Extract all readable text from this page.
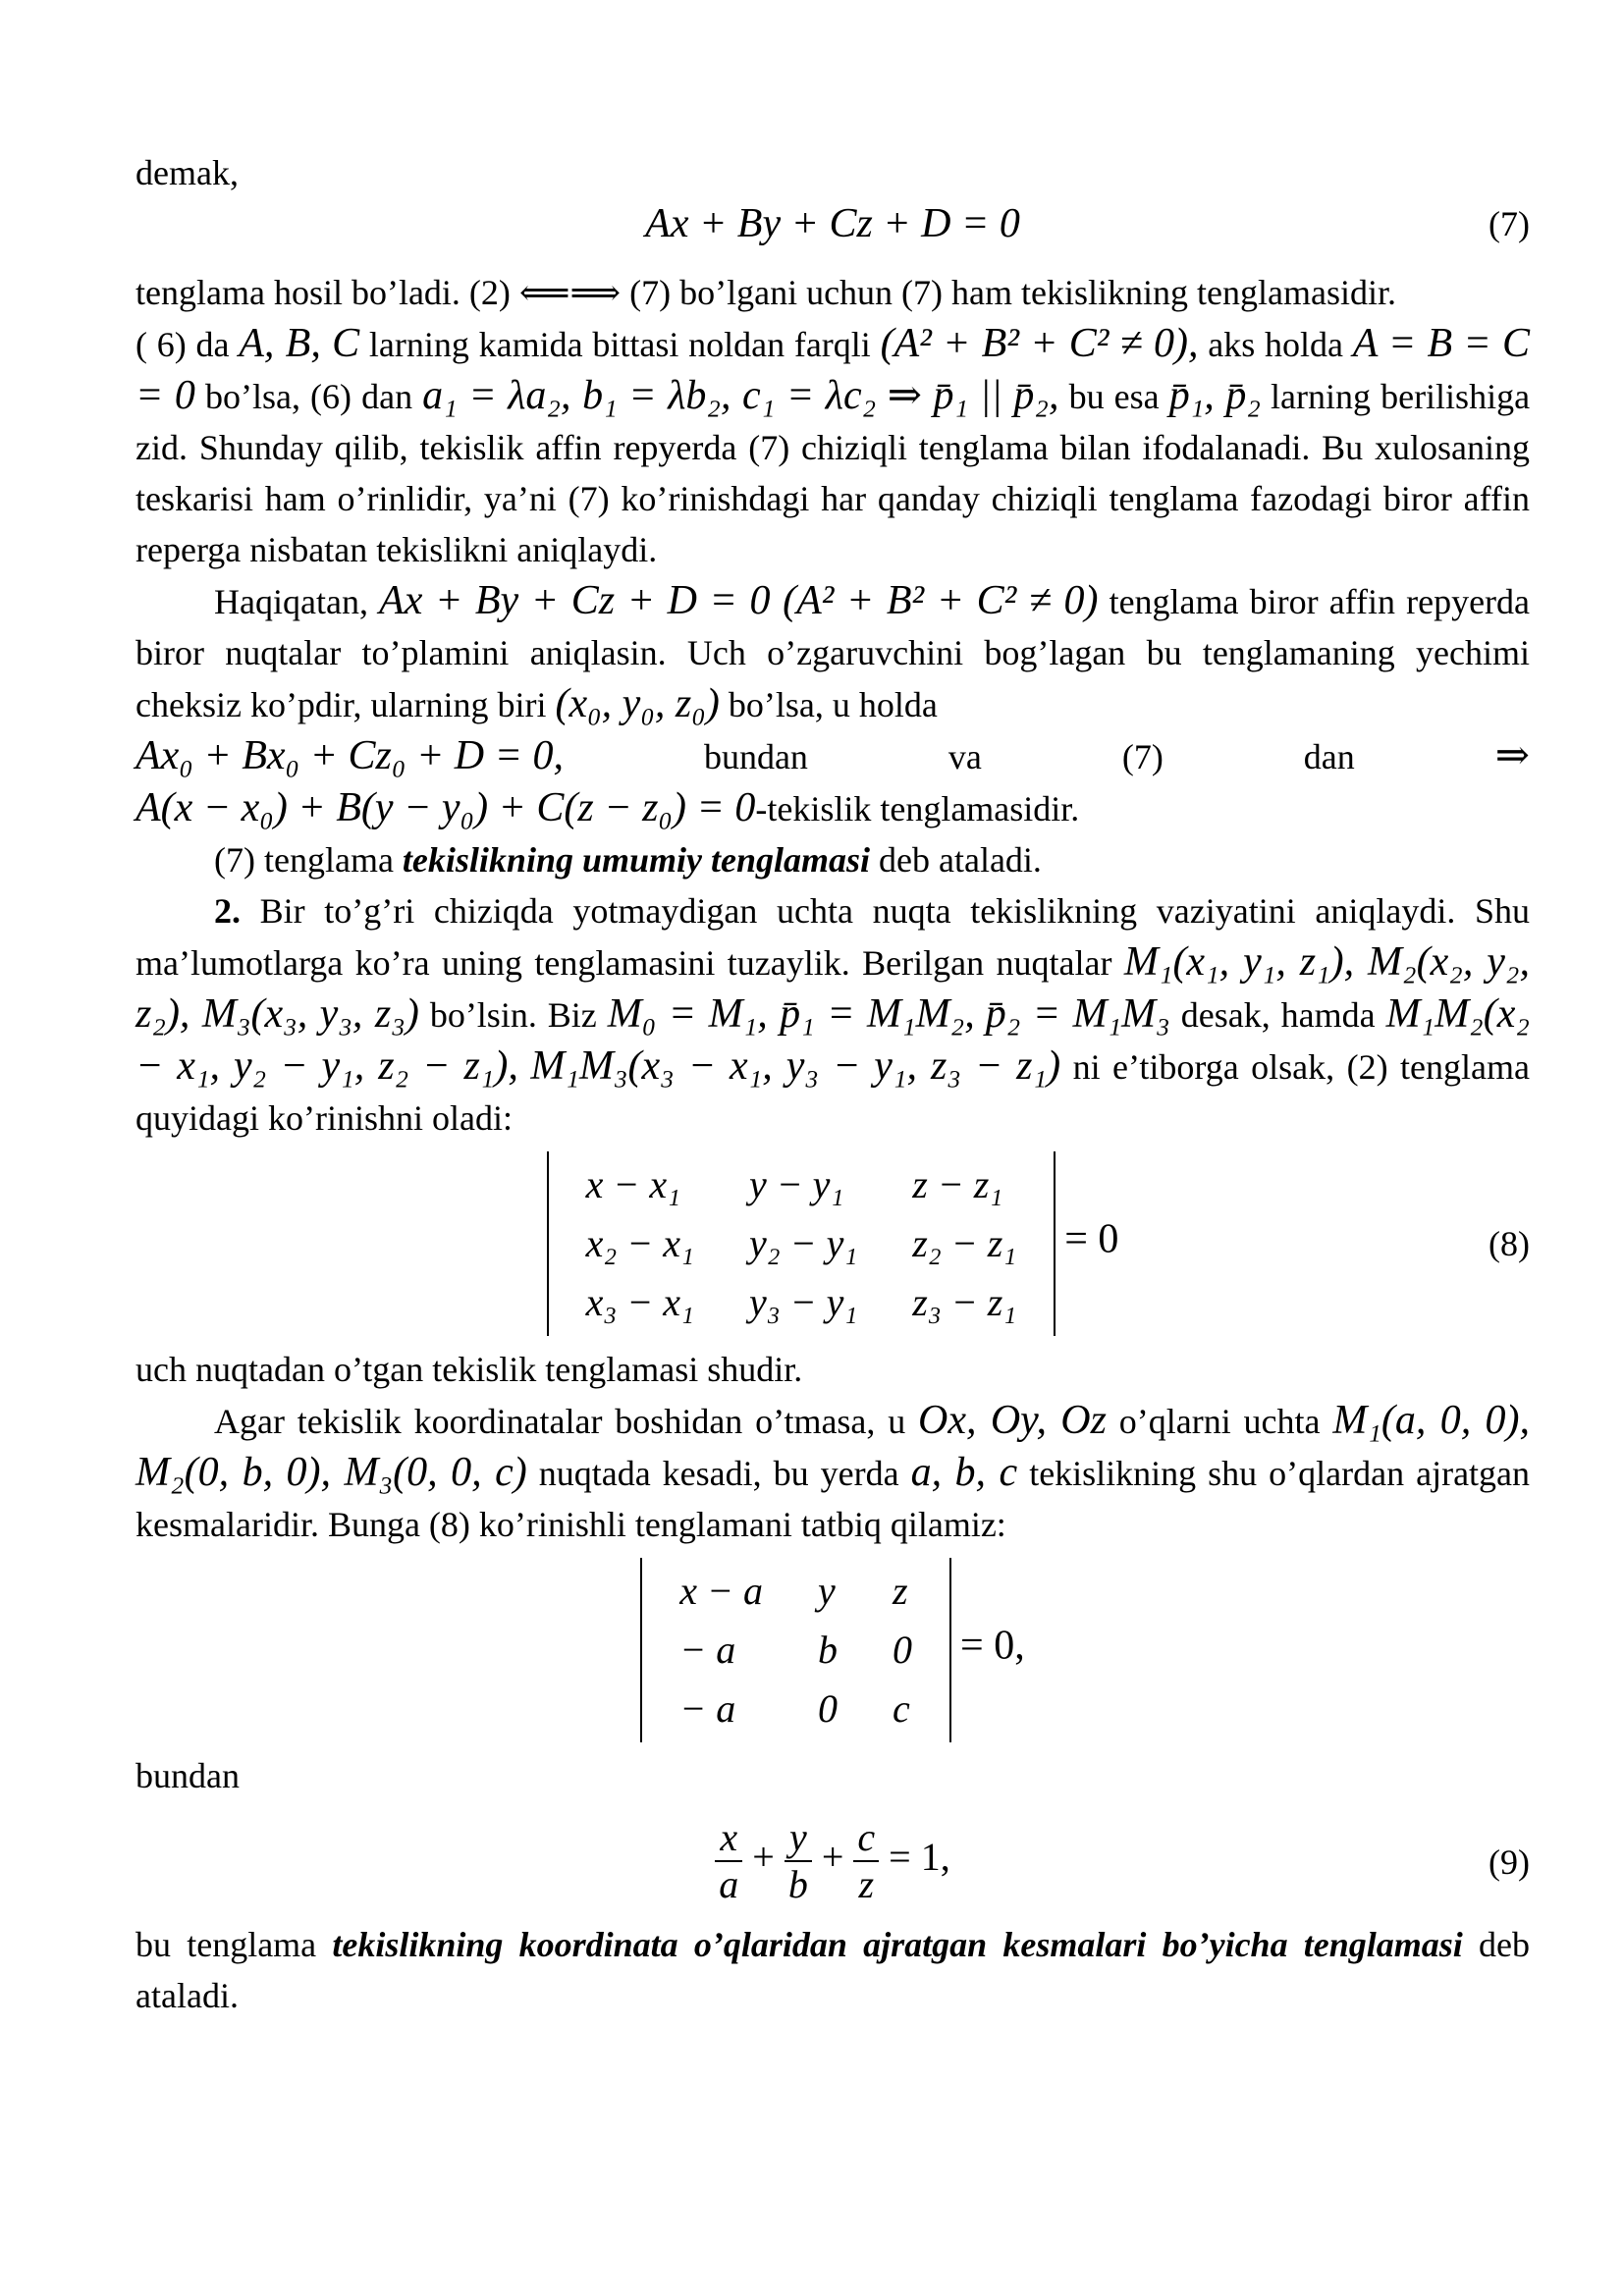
demak,

Ax + By + Cz + D = 0	(7)

tenglama hosil bo’ladi. (2) ⟸⟹ (7) bo’lgani uchun (7) ham tekislikning tenglamasidir.

( 6) da A, B, C larning kamida bittasi noldan farqli (A² + B² + C² ≠ 0), aks holda A = B = C = 0 bo’lsa, (6) dan a₁ = λa₂, b₁ = λb₂, c₁ = λc₂ ⇒ p̄₁ || p̄₂, bu esa p̄₁, p̄₂ larning berilishiga zid. Shunday qilib, tekislik affin repyerda (7) chiziqli tenglama bilan ifodalanadi. Bu xulosaning teskarisi ham o’rinlidir, ya’ni (7) ko’rinishdagi har qanday chiziqli tenglama fazodagi biror affin reperga nisbatan tekislikni aniqlaydi.

Haqiqatan, Ax + By + Cz + D = 0 (A² + B² + C² ≠ 0) tenglama biror affin repyerda biror nuqtalar to’plamini aniqlasin. Uch o’zgaruvchini bog’lagan bu tenglamaning yechimi cheksiz ko’pdir, ularning biri (x₀, y₀, z₀) bo’lsa, u holda

Ax₀ + Bx₀ + Cz₀ + D = 0,	bundan	va	(7)	dan	⇒

A(x − x₀) + B(y − y₀) + C(z − z₀) = 0-tekislik tenglamasidir.

(7) tenglama tekislikning umumiy tenglamasi deb ataladi.

2. Bir to’g’ri chiziqda yotmaydigan uchta nuqta tekislikning vaziyatini aniqlaydi. Shu ma’lumotlarga ko’ra uning tenglamasini tuzaylik. Berilgan nuqtalar M₁(x₁, y₁, z₁), M₂(x₂, y₂, z₂), M₃(x₃, y₃, z₃) bo’lsin. Biz M₀ = M₁, p̄₁ = M₁M₂, p̄₂ = M₁M₃ desak, hamda M₁M₂(x₂ − x₁, y₂ − y₁, z₂ − z₁), M₁M₃(x₃ − x₁, y₃ − y₁, z₃ − z₁) ni e’tiborga olsak, (2) tenglama quyidagi ko’rinishni oladi:

x − x₁	y − y₁	z − z₁
x₂ − x₁	y₂ − y₁	z₂ − z₁
x₃ − x₁	y₃ − y₁	z₃ − z₁
= 0	(8)

uch nuqtadan o’tgan tekislik tenglamasi shudir.

Agar tekislik koordinatalar boshidan o’tmasa, u Ox, Oy, Oz o’qlarni uchta M₁(a, 0, 0), M₂(0, b, 0), M₃(0, 0, c) nuqtada kesadi, bu yerda a, b, c tekislikning shu o’qlardan ajratgan kesmalaridir. Bunga (8) ko’rinishli tenglamani tatbiq qilamiz:

x − a	y	z
− a	b	0
− a	0	c
= 0,

bundan

$\frac{x}{a} + \frac{y}{b} + \frac{c}{z} = 1$,	(9)

bu tenglama tekislikning koordinata o’qlaridan ajratgan kesmalari bo’yicha tenglamasi deb ataladi.
